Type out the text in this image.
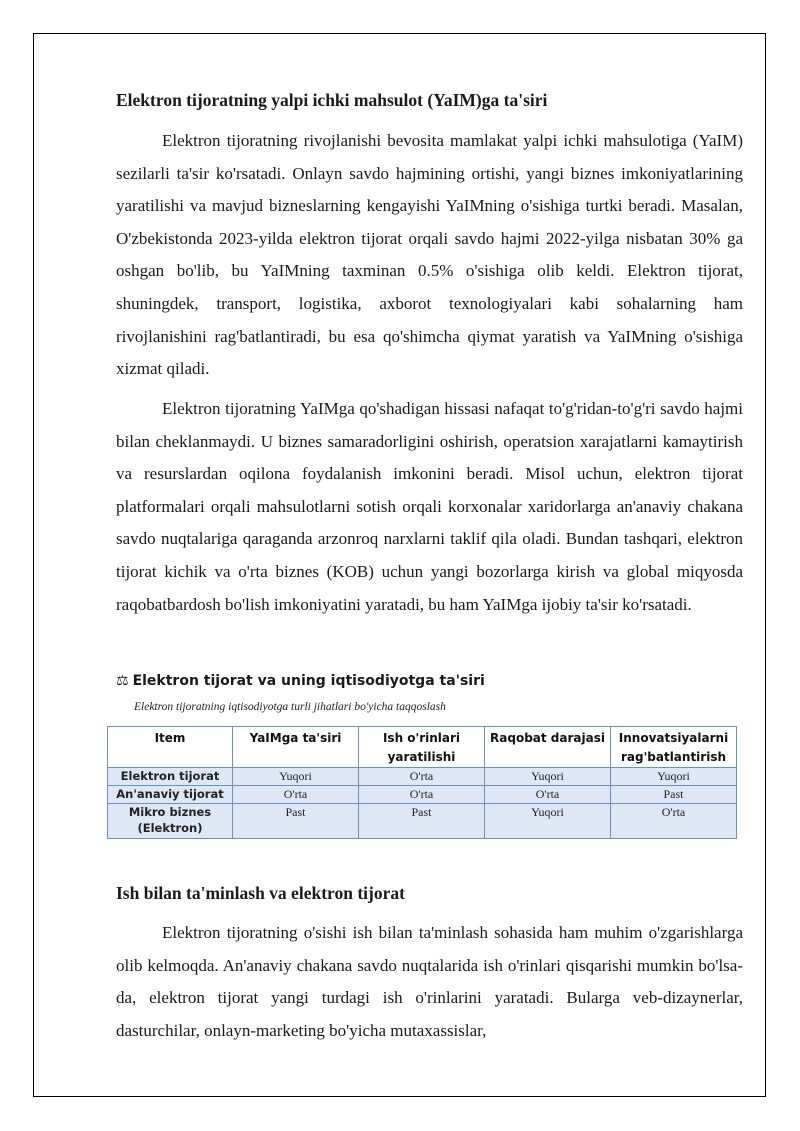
Elektron tijoratning yalpi ichki mahsulot (YaIM)ga ta'siri

Elektron tijoratning rivojlanishi bevosita mamlakat yalpi ichki mahsulotiga (YaIM) sezilarli ta'sir ko'rsatadi. Onlayn savdo hajmining ortishi, yangi biznes imkoniyatlarining yaratilishi va mavjud bizneslarning kengayishi YaIMning o'sishiga turtki beradi. Masalan, O'zbekistonda 2023-yilda elektron tijorat orqali savdo hajmi 2022-yilga nisbatan 30% ga oshgan bo'lib, bu YaIMning taxminan 0.5% o'sishiga olib keldi. Elektron tijorat, shuningdek, transport, logistika, axborot texnologiyalari kabi sohalarning ham rivojlanishini rag'batlantiradi, bu esa qo'shimcha qiymat yaratish va YaIMning o'sishiga xizmat qiladi.

Elektron tijoratning YaIMga qo'shadigan hissasi nafaqat to'g'ridan-to'g'ri savdo hajmi bilan cheklanmaydi. U biznes samaradorligini oshirish, operatsion xarajatlarni kamaytirish va resurslardan oqilona foydalanish imkonini beradi. Misol uchun, elektron tijorat platformalari orqali mahsulotlarni sotish orqali korxonalar xaridorlarga an'anaviy chakana savdo nuqtalariga qaraganda arzonroq narxlarni taklif qila oladi. Bundan tashqari, elektron tijorat kichik va o'rta biznes (KOB) uchun yangi bozorlarga kirish va global miqyosda raqobatbardosh bo'lish imkoniyatini yaratadi, bu ham YaIMga ijobiy ta'sir ko'rsatadi.

⚖ Elektron tijorat va uning iqtisodiyotga ta'siri
Elektron tijoratning iqtisodiyotga turli jihatlari bo'yicha taqqoslash
Item	YaIMga ta'siri	Ish o'rinlari yaratilishi	Raqobat darajasi	Innovatsiyalarni rag'batlantirish
Elektron tijorat	Yuqori	O'rta	Yuqori	Yuqori
An'anaviy tijorat	O'rta	O'rta	O'rta	Past
Mikro biznes (Elektron)	Past	Past	Yuqori	O'rta
Ish bilan ta'minlash va elektron tijorat

Elektron tijoratning o'sishi ish bilan ta'minlash sohasida ham muhim o'zgarishlarga olib kelmoqda. An'anaviy chakana savdo nuqtalarida ish o'rinlari qisqarishi mumkin bo'lsa-da, elektron tijorat yangi turdagi ish o'rinlarini yaratadi. Bularga veb-dizaynerlar, dasturchilar, onlayn-marketing bo'yicha mutaxassislar,
